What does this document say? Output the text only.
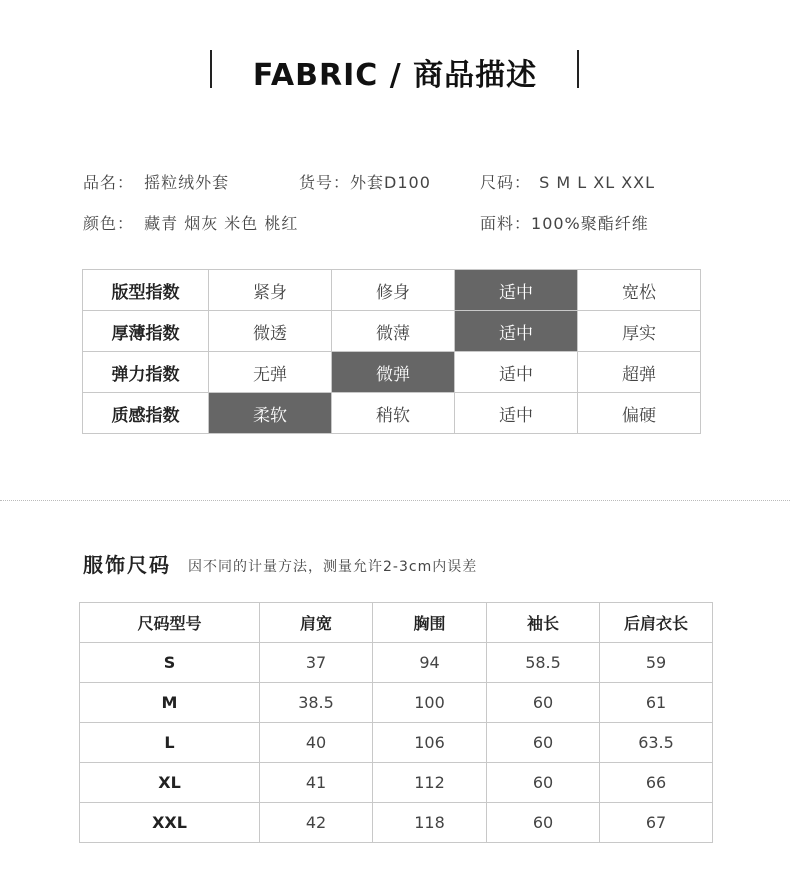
FABRIC / 商品描述
品名： 摇粒绒外套	货号：外套D100	尺码： S M L XL XXL
颜色： 藏青 烟灰 米色 桃红	面料：100%聚酯纤维
版型指数	紧身	修身	适中	宽松
厚薄指数	微透	微薄	适中	厚实
弹力指数	无弹	微弹	适中	超弹
质感指数	柔软	稍软	适中	偏硬
服饰尺码 因不同的计量方法，测量允许2-3cm内误差
尺码型号	肩宽	胸围	袖长	后肩衣长
S	37	94	58.5	59
M	38.5	100	60	61
L	40	106	60	63.5
XL	41	112	60	66
XXL	42	118	60	67
